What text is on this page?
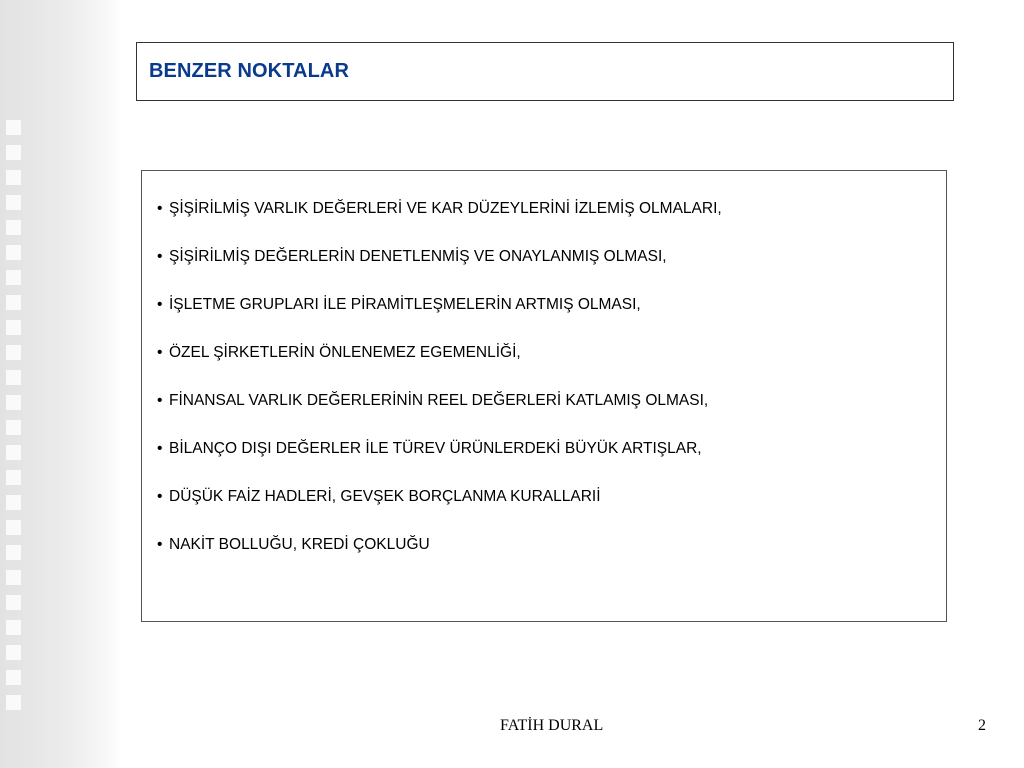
BENZER NOKTALAR
• ŞİŞİRİLMİŞ VARLIK DEĞERLERİ VE KAR DÜZEYLERİNİ İZLEMİŞ OLMALARI,
• ŞİŞİRİLMİŞ DEĞERLERİN DENETLENMİŞ VE ONAYLANMIŞ OLMASI,
• İŞLETME GRUPLARI İLE PİRAMİTLEŞMELERİN ARTMIŞ OLMASI,
• ÖZEL ŞİRKETLERİN ÖNLENEMEZ EGEMENLİĞİ,
• FİNANSAL VARLIK DEĞERLERİNİN REEL DEĞERLERİ KATLAMIŞ OLMASI,
• BİLANÇO DIŞI DEĞERLER İLE TÜREV ÜRÜNLERDEKİ BÜYÜK ARTIŞLAR,
• DÜŞÜK FAİZ HADLERİ, GEVŞEK BORÇLANMA KURALLARIİ
• NAKİT BOLLUĞU, KREDİ ÇOKLUĞU
FATİH DURAL	2
